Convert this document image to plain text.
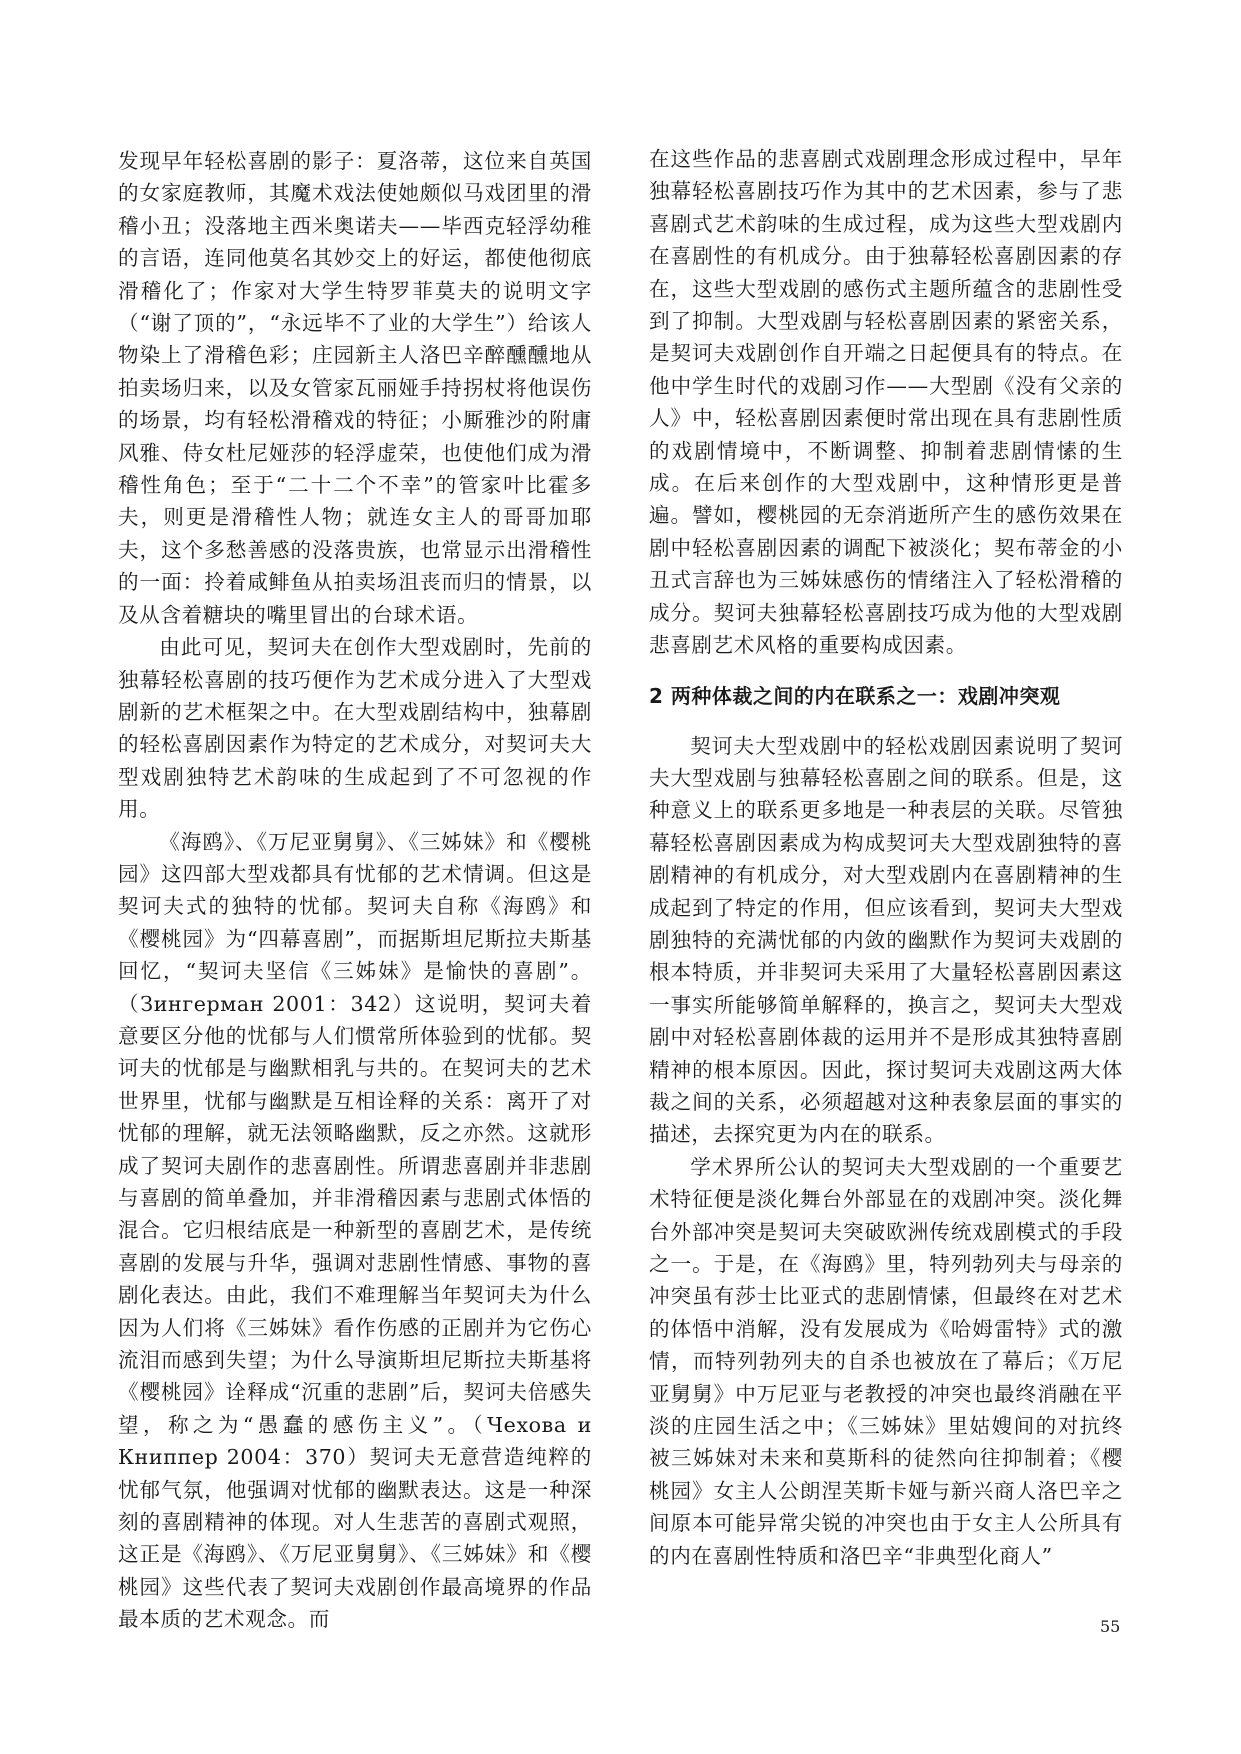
发现早年轻松喜剧的影子：夏洛蒂，这位来自英国的女家庭教师，其魔术戏法使她颇似马戏团里的滑稽小丑；没落地主西米奥诺夫——毕西克轻浮幼稚的言语，连同他莫名其妙交上的好运，都使他彻底滑稽化了；作家对大学生特罗菲莫夫的说明文字（“谢了顶的”，“永远毕不了业的大学生”）给该人物染上了滑稽色彩；庄园新主人洛巴辛醉醺醺地从拍卖场归来，以及女管家瓦丽娅手持拐杖将他误伤的场景，均有轻松滑稽戏的特征；小厮雅沙的附庸风雅、侍女杜尼娅莎的轻浮虚荣，也使他们成为滑稽性角色；至于“二十二个不幸”的管家叶比霍多夫，则更是滑稽性人物；就连女主人的哥哥加耶夫，这个多愁善感的没落贵族，也常显示出滑稽性的一面：拎着咸鲱鱼从拍卖场沮丧而归的情景，以及从含着糖块的嘴里冒出的台球术语。

由此可见，契诃夫在创作大型戏剧时，先前的独幕轻松喜剧的技巧便作为艺术成分进入了大型戏剧新的艺术框架之中。在大型戏剧结构中，独幕剧的轻松喜剧因素作为特定的艺术成分，对契诃夫大型戏剧独特艺术韵味的生成起到了不可忽视的作用。

《海鸥》、《万尼亚舅舅》、《三姊妹》和《樱桃园》这四部大型戏都具有忧郁的艺术情调。但这是契诃夫式的独特的忧郁。契诃夫自称《海鸥》和《樱桃园》为“四幕喜剧”，而据斯坦尼斯拉夫斯基回忆，“契诃夫坚信《三姊妹》是愉快的喜剧”。（Зингерман 2001：342）这说明，契诃夫着意要区分他的忧郁与人们惯常所体验到的忧郁。契诃夫的忧郁是与幽默相乳与共的。在契诃夫的艺术世界里，忧郁与幽默是互相诠释的关系：离开了对忧郁的理解，就无法领略幽默，反之亦然。这就形成了契诃夫剧作的悲喜剧性。所谓悲喜剧并非悲剧与喜剧的简单叠加，并非滑稽因素与悲剧式体悟的混合。它归根结底是一种新型的喜剧艺术，是传统喜剧的发展与升华，强调对悲剧性情感、事物的喜剧化表达。由此，我们不难理解当年契诃夫为什么因为人们将《三姊妹》看作伤感的正剧并为它伤心流泪而感到失望；为什么导演斯坦尼斯拉夫斯基将《樱桃园》诠释成“沉重的悲剧”后，契诃夫倍感失望，称之为“愚蠢的感伤主义”。（Чехова и Книппер 2004：370）契诃夫无意营造纯粹的忧郁气氛，他强调对忧郁的幽默表达。这是一种深刻的喜剧精神的体现。对人生悲苦的喜剧式观照，这正是《海鸥》、《万尼亚舅舅》、《三姊妹》和《樱桃园》这些代表了契诃夫戏剧创作最高境界的作品最本质的艺术观念。而

在这些作品的悲喜剧式戏剧理念形成过程中，早年独幕轻松喜剧技巧作为其中的艺术因素，参与了悲喜剧式艺术韵味的生成过程，成为这些大型戏剧内在喜剧性的有机成分。由于独幕轻松喜剧因素的存在，这些大型戏剧的感伤式主题所蕴含的悲剧性受到了抑制。大型戏剧与轻松喜剧因素的紧密关系，是契诃夫戏剧创作自开端之日起便具有的特点。在他中学生时代的戏剧习作——大型剧《没有父亲的人》中，轻松喜剧因素便时常出现在具有悲剧性质的戏剧情境中，不断调整、抑制着悲剧情愫的生成。在后来创作的大型戏剧中，这种情形更是普遍。譬如，樱桃园的无奈消逝所产生的感伤效果在剧中轻松喜剧因素的调配下被淡化；契布蒂金的小丑式言辞也为三姊妹感伤的情绪注入了轻松滑稽的成分。契诃夫独幕轻松喜剧技巧成为他的大型戏剧悲喜剧艺术风格的重要构成因素。

2 两种体裁之间的内在联系之一：戏剧冲突观

契诃夫大型戏剧中的轻松戏剧因素说明了契诃夫大型戏剧与独幕轻松喜剧之间的联系。但是，这种意义上的联系更多地是一种表层的关联。尽管独幕轻松喜剧因素成为构成契诃夫大型戏剧独特的喜剧精神的有机成分，对大型戏剧内在喜剧精神的生成起到了特定的作用，但应该看到，契诃夫大型戏剧独特的充满忧郁的内敛的幽默作为契诃夫戏剧的根本特质，并非契诃夫采用了大量轻松喜剧因素这一事实所能够简单解释的，换言之，契诃夫大型戏剧中对轻松喜剧体裁的运用并不是形成其独特喜剧精神的根本原因。因此，探讨契诃夫戏剧这两大体裁之间的关系，必须超越对这种表象层面的事实的描述，去探究更为内在的联系。

学术界所公认的契诃夫大型戏剧的一个重要艺术特征便是淡化舞台外部显在的戏剧冲突。淡化舞台外部冲突是契诃夫突破欧洲传统戏剧模式的手段之一。于是，在《海鸥》里，特列勃列夫与母亲的冲突虽有莎士比亚式的悲剧情愫，但最终在对艺术的体悟中消解，没有发展成为《哈姆雷特》式的激情，而特列勃列夫的自杀也被放在了幕后；《万尼亚舅舅》中万尼亚与老教授的冲突也最终消融在平淡的庄园生活之中；《三姊妹》里姑嫂间的对抗终被三姊妹对未来和莫斯科的徒然向往抑制着；《樱桃园》女主人公朗涅芙斯卡娅与新兴商人洛巴辛之间原本可能异常尖锐的冲突也由于女主人公所具有的内在喜剧性特质和洛巴辛“非典型化商人”

55
